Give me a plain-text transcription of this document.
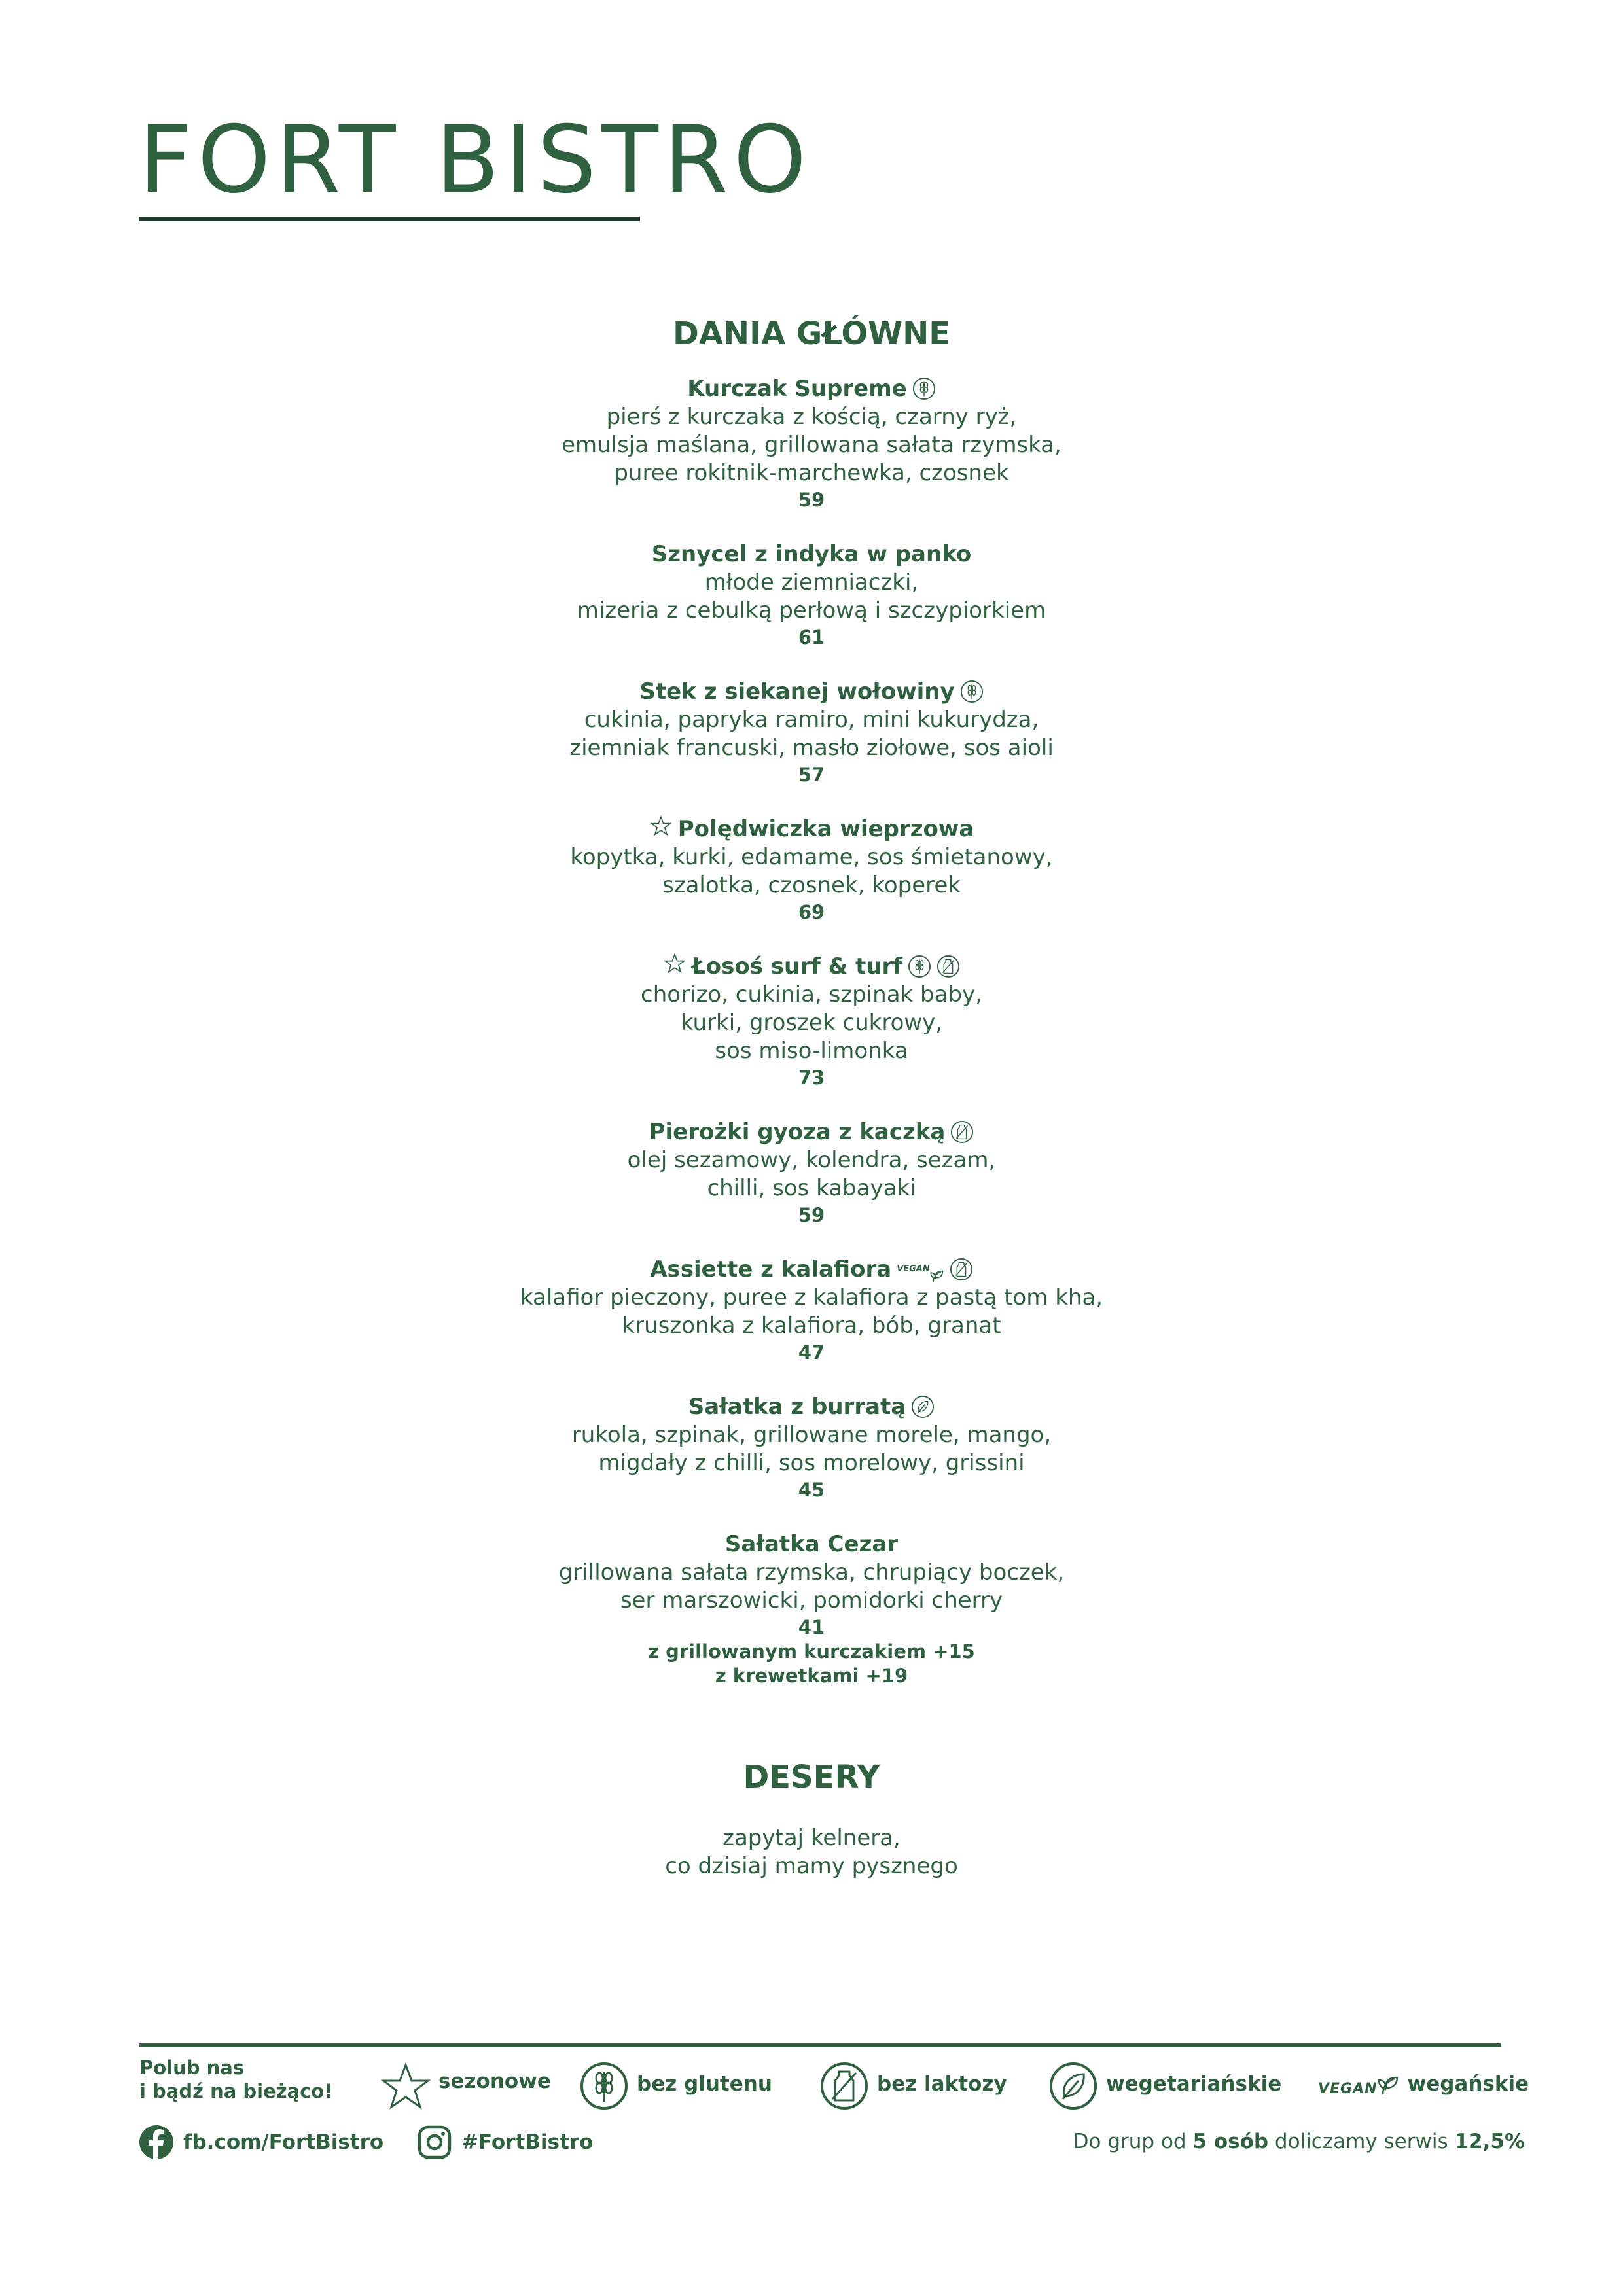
FORT BISTRO
DANIA GŁÓWNE
Kurczak Supreme
pierś z kurczaka z kością, czarny ryż,
emulsja maślana, grillowana sałata rzymska,
puree rokitnik-marchewka, czosnek
59
Sznycel z indyka w panko
młode ziemniaczki,
mizeria z cebulką perłową i szczypiorkiem
61
Stek z siekanej wołowiny
cukinia, papryka ramiro, mini kukurydza,
ziemniak francuski, masło ziołowe, sos aioli
57
Polędwiczka wieprzowa
kopytka, kurki, edamame, sos śmietanowy,
szalotka, czosnek, koperek
69
Łosoś surf & turf
chorizo, cukinia, szpinak baby,
kurki, groszek cukrowy,
sos miso-limonka
73
Pierożki gyoza z kaczką
olej sezamowy, kolendra, sezam,
chilli, sos kabayaki
59
Assiette z kalafiora VEGAN
kalafior pieczony, puree z kalafiora z pastą tom kha,
kruszonka z kalafiora, bób, granat
47
Sałatka z burratą
rukola, szpinak, grillowane morele, mango,
migdały z chilli, sos morelowy, grissini
45
Sałatka Cezar
grillowana sałata rzymska, chrupiący boczek,
ser marszowicki, pomidorki cherry
41
z grillowanym kurczakiem +15
z krewetkami +19
DESERY
zapytaj kelnera,
co dzisiaj mamy pysznego
Polub nas
i bądź na bieżąco!	sezonowe	bez glutenu	bez laktozy	wegetariańskie	VEGAN wegańskie
fb.com/FortBistro	#FortBistro	Do grup od 5 osób doliczamy serwis 12,5%
